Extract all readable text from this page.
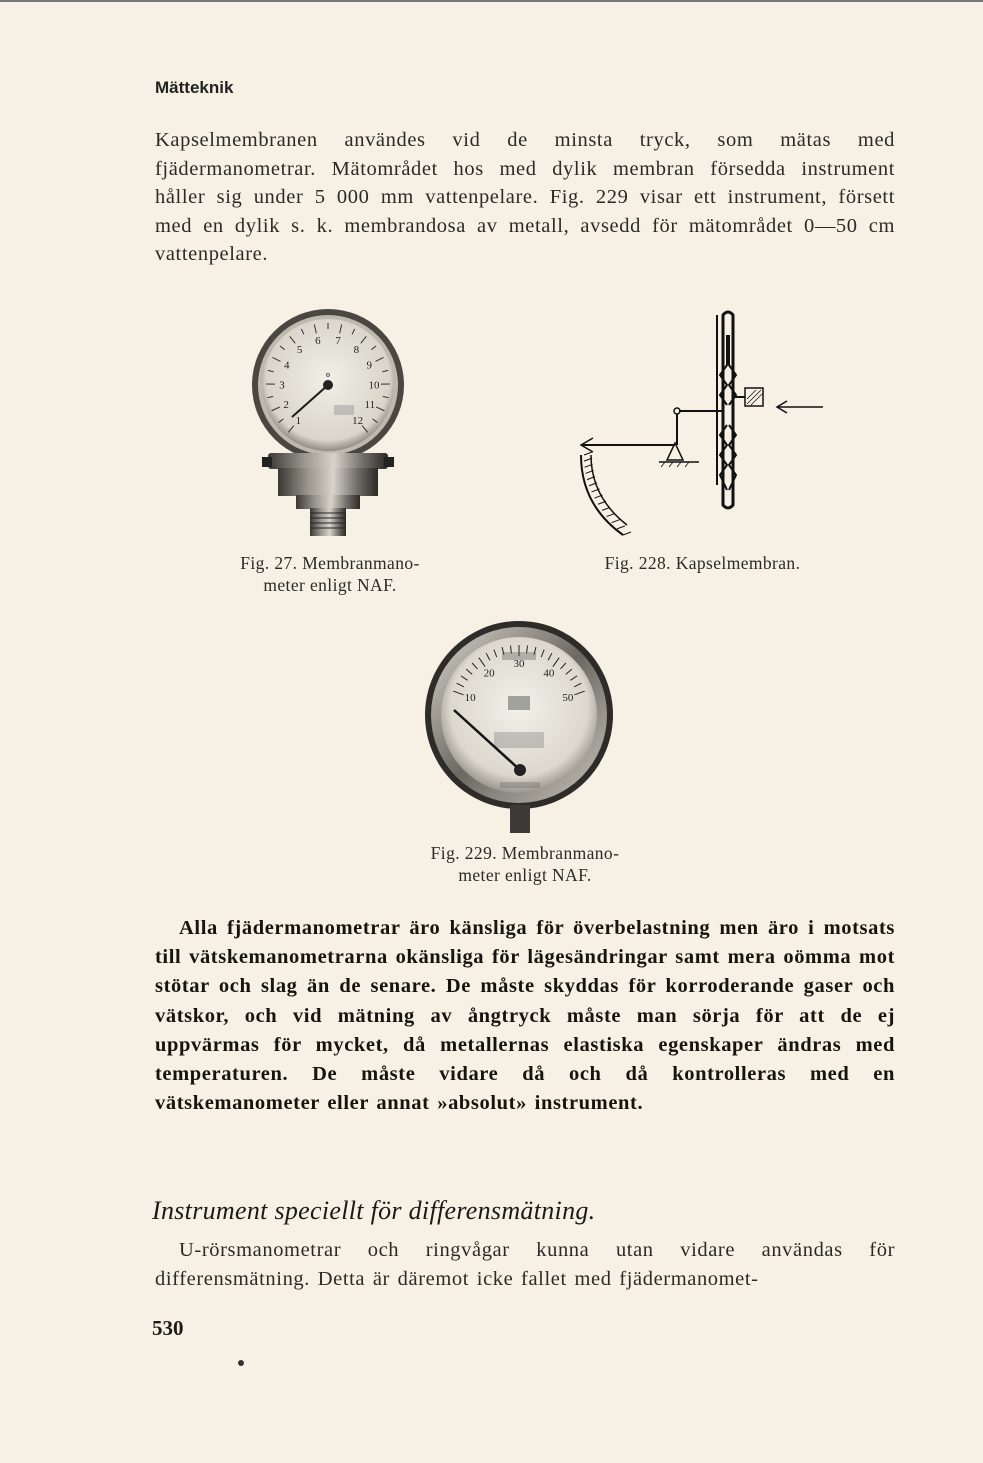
Mätteknik

Kapselmembranen användes vid de minsta tryck, som mätas med fjädermanometrar. Mätområdet hos med dylik membran försedda instrument håller sig under 5 000 mm vattenpelare. Fig. 229 visar ett instrument, försett med en dylik s. k. membrandosa av metall, avsedd för mätområdet 0—50 cm vattenpelare.

1
2
3
4
5
6 7
8
9
10
11
12
⚙
Fig. 27. Membranmano-
meter enligt NAF.
Fig. 228. Kapselmembran.
10
20
30
40
50
Fig. 229. Membranmano-
meter enligt NAF.

Alla fjädermanometrar äro känsliga för överbelastning men äro i motsats till vätskemanometrarna okänsliga för lägesändringar samt mera oömma mot stötar och slag än de senare. De måste skyddas för korroderande gaser och vätskor, och vid mätning av ångtryck måste man sörja för att de ej uppvärmas för mycket, då metallernas elastiska egenskaper ändras med temperaturen. De måste vidare då och då kontrolleras med en vätskemanometer eller annat »absolut» instrument.

Instrument speciellt för differensmätning.

U-rörsmanometrar och ringvågar kunna utan vidare användas för differensmätning. Detta är däremot icke fallet med fjädermanomet-

530
